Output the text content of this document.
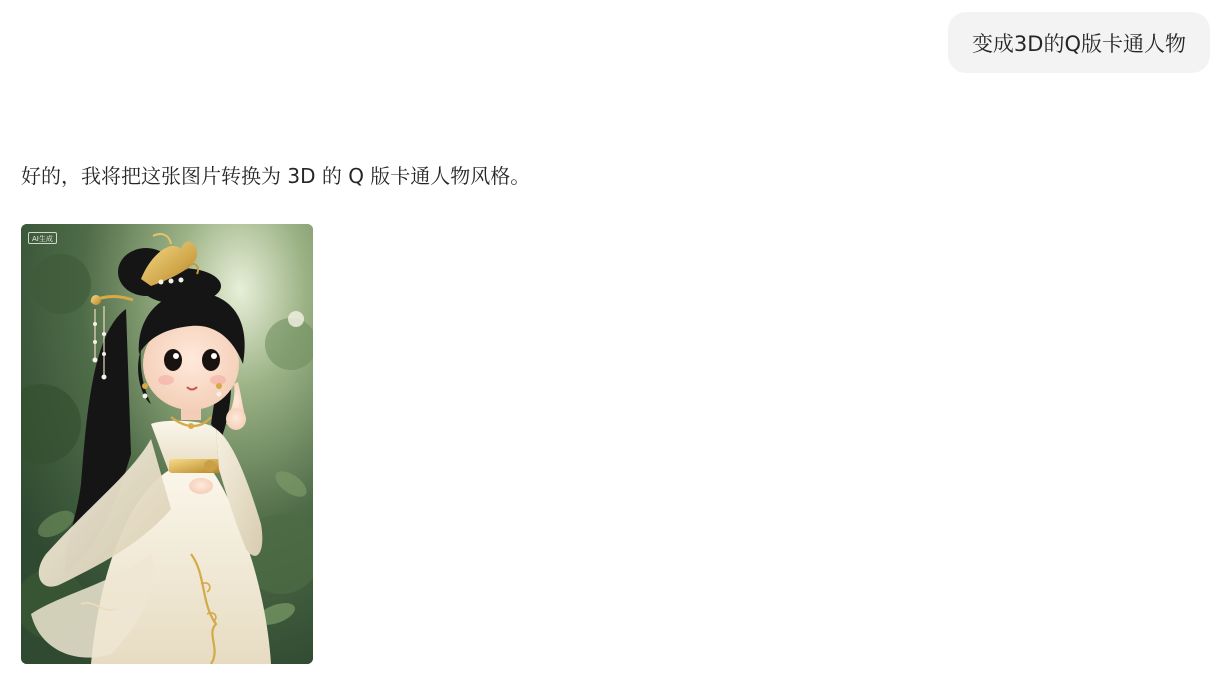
变成3D的Q版卡通人物
好的，我将把这张图片转换为 3D 的 Q 版卡通人物风格。
AI生成
